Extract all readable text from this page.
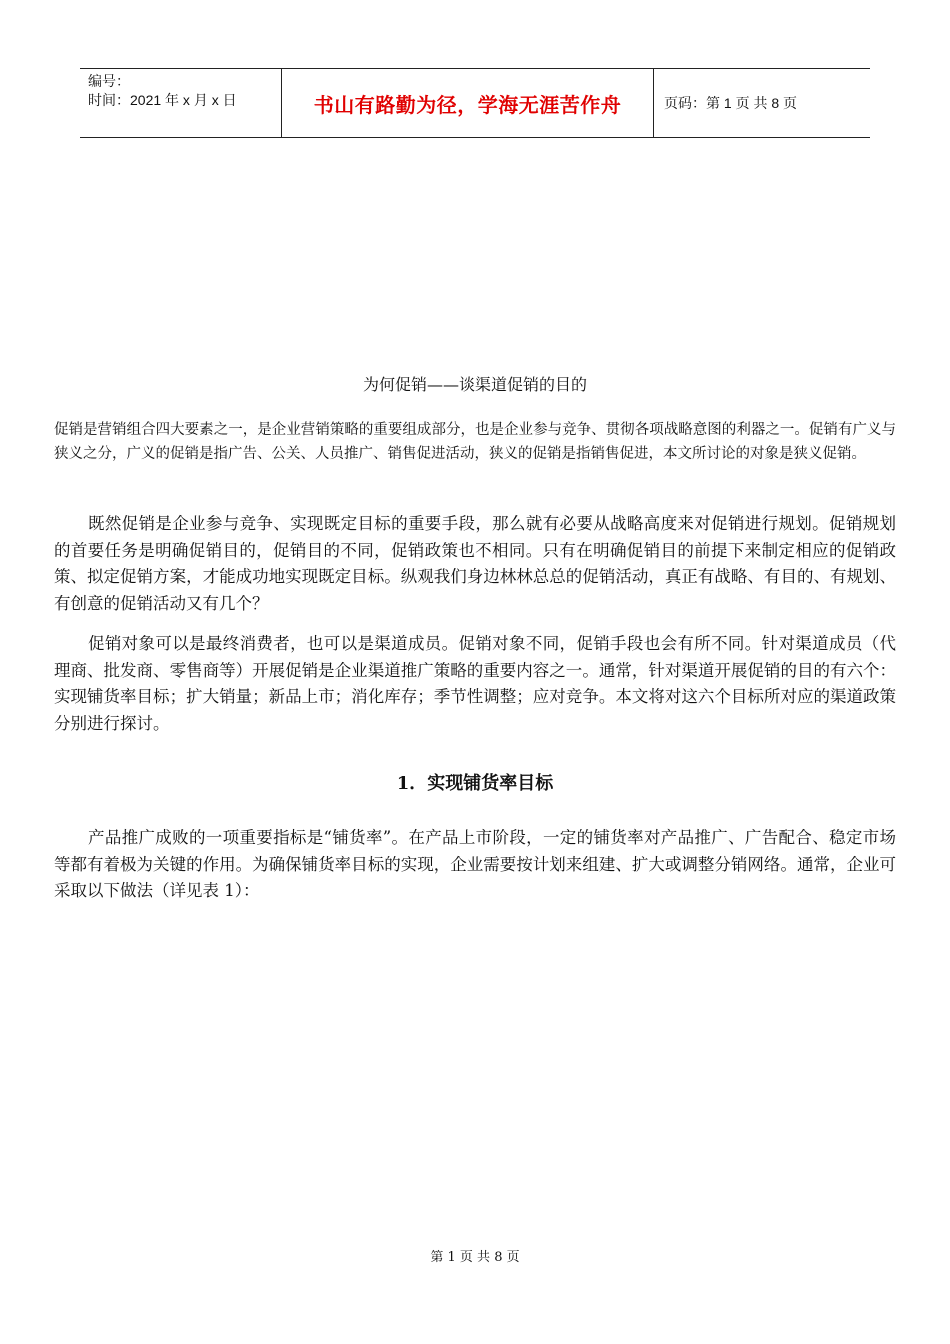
编号：
时间：2021 年 x 月 x 日	书山有路勤为径，学海无涯苦作舟	页码：第 1 页 共 8 页
为何促销——谈渠道促销的目的

促销是营销组合四大要素之一，是企业营销策略的重要组成部分，也是企业参与竞争、贯彻各项战略意图的利器之一。促销有广义与狭义之分，广义的促销是指广告、公关、人员推广、销售促进活动，狭义的促销是指销售促进，本文所讨论的对象是狭义促销。

既然促销是企业参与竞争、实现既定目标的重要手段，那么就有必要从战略高度来对促销进行规划。促销规划的首要任务是明确促销目的，促销目的不同，促销政策也不相同。只有在明确促销目的前提下来制定相应的促销政策、拟定促销方案，才能成功地实现既定目标。纵观我们身边林林总总的促销活动，真正有战略、有目的、有规划、有创意的促销活动又有几个？

促销对象可以是最终消费者，也可以是渠道成员。促销对象不同，促销手段也会有所不同。针对渠道成员（代理商、批发商、零售商等）开展促销是企业渠道推广策略的重要内容之一。通常，针对渠道开展促销的目的有六个：实现铺货率目标；扩大销量；新品上市；消化库存；季节性调整；应对竞争。本文将对这六个目标所对应的渠道政策分别进行探讨。

1．实现铺货率目标

产品推广成败的一项重要指标是“铺货率”。在产品上市阶段，一定的铺货率对产品推广、广告配合、稳定市场等都有着极为关键的作用。为确保铺货率目标的实现，企业需要按计划来组建、扩大或调整分销网络。通常，企业可采取以下做法（详见表 1）：

第 1 页 共 8 页
